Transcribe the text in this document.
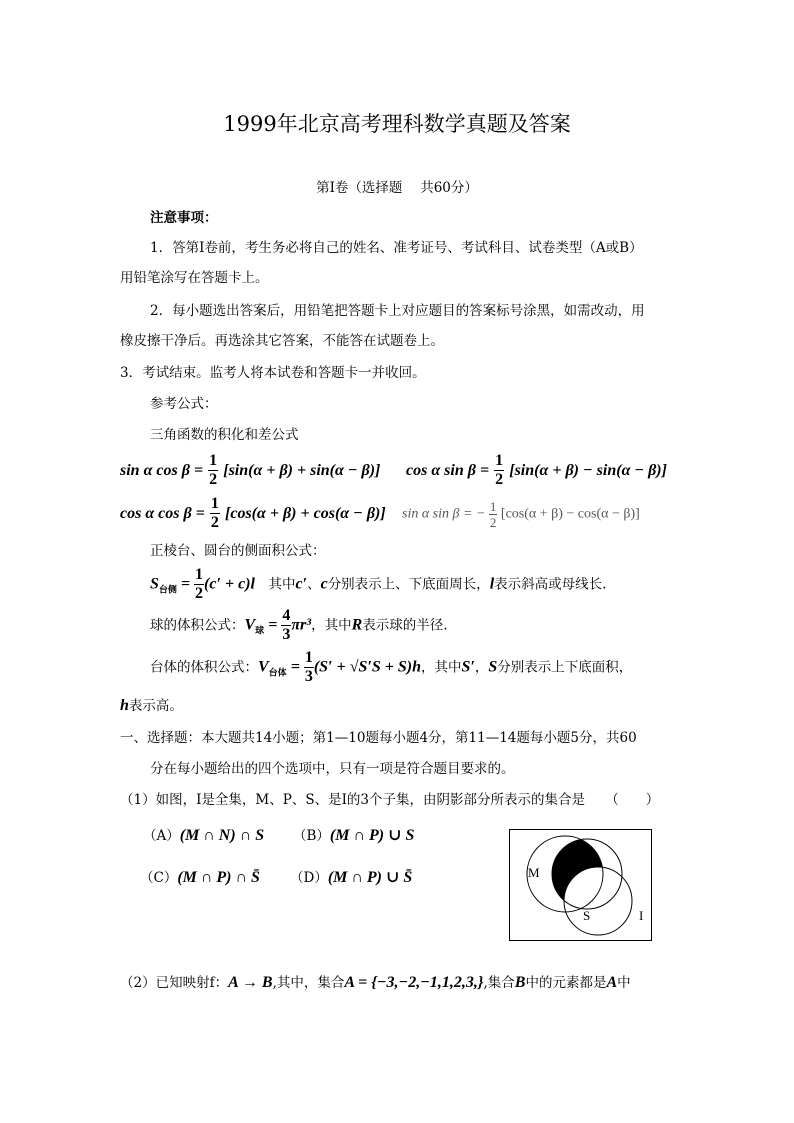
1999年北京高考理科数学真题及答案
第Ⅰ卷（选择题　 共60分）
注意事项：
1．答第Ⅰ卷前，考生务必将自己的姓名、准考证号、考试科目、试卷类型（A或B）
用铅笔涂写在答题卡上。
2．每小题选出答案后，用铅笔把答题卡上对应题目的答案标号涂黑，如需改动，用
橡皮擦干净后。再选涂其它答案，不能答在试题卷上。
3．考试结束。监考人将本试卷和答题卡一并收回。
参考公式：
三角函数的积化和差公式
sin α $\cos \beta = \frac{1}{2} [\sin(\alpha + \beta) + \sin(\alpha - \beta)]$ cos α $\sin \beta = \frac{1}{2} [\sin(\alpha + \beta) - \sin(\alpha - \beta)]$
cos α $\cos \beta = \frac{1}{2} [\cos(\alpha + \beta) + \cos(\alpha - \beta)]$ sin α sin β = − $\frac{1}{2} [\cos(\alpha + \beta) - \cos(\alpha - \beta)]$
正棱台、圆台的侧面积公式：
$S_{台侧} = \frac{1}{2} (c' + c)l$　其中c′、c分别表示上、下底面周长，l表示斜高或母线长.
球的体积公式：$V_球 = \frac{4}{3} \pi r^3$，其中R表示球的半径.
台体的体积公式：$V_{台体} = \frac{1}{3} (S' + √S'S + S)h$，其中S′，S分别表示上下底面积，
h表示高。
一、选择题：本大题共14小题；第1—10题每小题4分，第11—14题每小题5分，共60
分在每小题给出的四个选项中，只有一项是符合题目要求的。
（1）如图，I是全集，M、P、S、是I的3个子集，由阴影部分所表示的集合是　　（　　）
（A）(M ∩ N) ∩ S （B）(M ∩ P) ∪ S
（C）(M ∩ P) ∩ S̄ （D）(M ∩ P) ∪ S̄	M
P
S	I
（2）已知映射f：A → B,其中，集合A = {−3,−2,−1,1,2,3,},集合B中的元素都是A中
